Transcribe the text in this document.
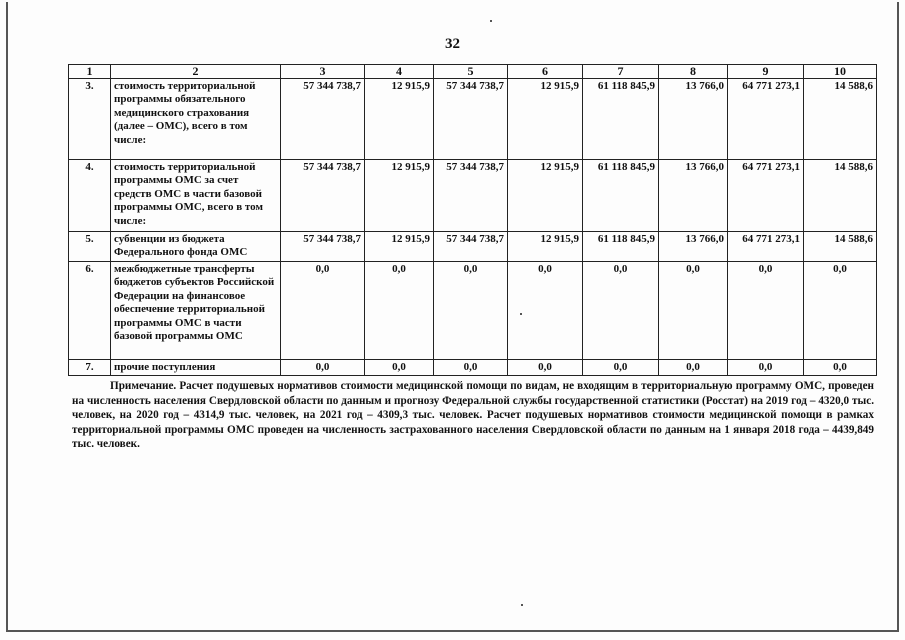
32
1	2	3	4	5	6	7	8	9	10
3.	стоимость территориальной программы обязательного медицинского страхования (далее – ОМС), всего в том числе:	57 344 738,7	12 915,9	57 344 738,7	12 915,9	61 118 845,9	13 766,0	64 771 273,1	14 588,6
4.	стоимость территориальной программы ОМС за счет средств ОМС в части базовой программы ОМС, всего в том числе:	57 344 738,7	12 915,9	57 344 738,7	12 915,9	61 118 845,9	13 766,0	64 771 273,1	14 588,6
5.	субвенции из бюджета Федерального фонда ОМС	57 344 738,7	12 915,9	57 344 738,7	12 915,9	61 118 845,9	13 766,0	64 771 273,1	14 588,6
6.	межбюджетные трансферты бюджетов субъектов Российской Федерации на финансовое обеспечение территориальной программы ОМС в части базовой программы ОМС	0,0	0,0	0,0	0,0	0,0	0,0	0,0	0,0
7.	прочие поступления	0,0	0,0	0,0	0,0	0,0	0,0	0,0	0,0
Примечание. Расчет подушевых нормативов стоимости медицинской помощи по видам, не входящим в территориальную программу ОМС, проведен на численность населения Свердловской области по данным и прогнозу Федеральной службы государственной статистики (Росстат) на 2019 год – 4320,0 тыс. человек, на 2020 год – 4314,9 тыс. человек, на 2021 год – 4309,3 тыс. человек. Расчет подушевых нормативов стоимости медицинской помощи в рамках территориальной программы ОМС проведен на численность застрахованного населения Свердловской области по данным на 1 января 2018 года – 4439,849 тыс. человек.
